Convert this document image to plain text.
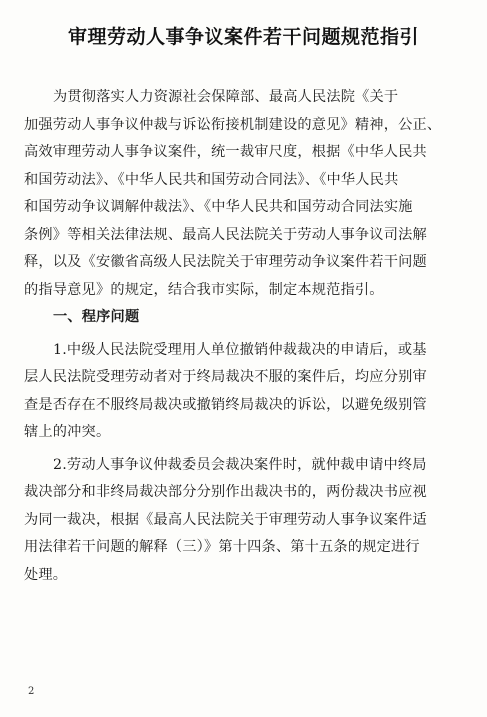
审理劳动人事争议案件若干问题规范指引
为贯彻落实人力资源社会保障部、最高人民法院《关于
加强劳动人事争议仲裁与诉讼衔接机制建设的意见》精神，公正、
高效审理劳动人事争议案件，统一裁审尺度，根据《中华人民共
和国劳动法》、《中华人民共和国劳动合同法》、《中华人民共
和国劳动争议调解仲裁法》、《中华人民共和国劳动合同法实施
条例》等相关法律法规、最高人民法院关于劳动人事争议司法解
释，以及《安徽省高级人民法院关于审理劳动争议案件若干问题
的指导意见》的规定，结合我市实际，制定本规范指引。
一、程序问题
1.中级人民法院受理用人单位撤销仲裁裁决的申请后，或基
层人民法院受理劳动者对于终局裁决不服的案件后，均应分别审
查是否存在不服终局裁决或撤销终局裁决的诉讼，以避免级别管
辖上的冲突。
2.劳动人事争议仲裁委员会裁决案件时，就仲裁申请中终局
裁决部分和非终局裁决部分分别作出裁决书的，两份裁决书应视
为同一裁决，根据《最高人民法院关于审理劳动人事争议案件适
用法律若干问题的解释（三）》第十四条、第十五条的规定进行
处理。
2
